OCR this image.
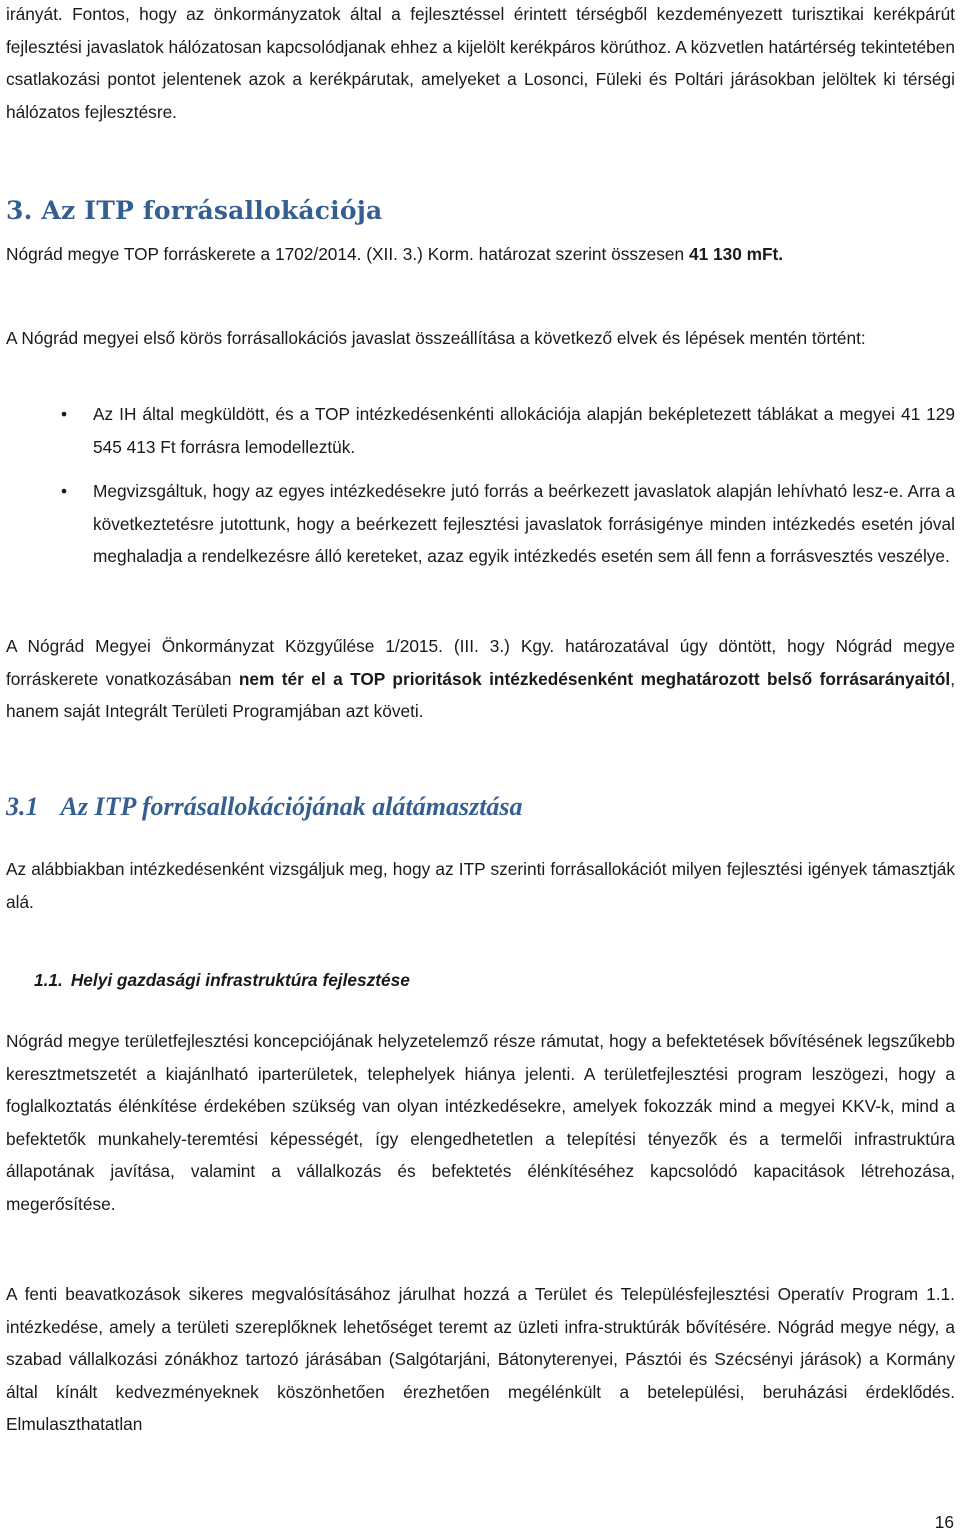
irányát. Fontos, hogy az önkormányzatok által a fejlesztéssel érintett térségből kezdeményezett turisztikai kerékpárút fejlesztési javaslatok hálózatosan kapcsolódjanak ehhez a kijelölt kerékpáros körúthoz. A közvetlen határtérség tekintetében csatlakozási pontot jelentenek azok a kerékpárutak, amelyeket a Losonci, Füleki és Poltári járásokban jelöltek ki térségi hálózatos fejlesztésre.

3. Az ITP forrásallokációja

Nógrád megye TOP forráskerete a 1702/2014. (XII. 3.) Korm. határozat szerint összesen 41 130 mFt.

A Nógrád megyei első körös forrásallokációs javaslat összeállítása a következő elvek és lépések mentén történt:

• Az IH által megküldött, és a TOP intézkedésenkénti allokációja alapján beképletezett táblákat a megyei 41 129 545 413 Ft forrásra lemodelleztük.
• Megvizsgáltuk, hogy az egyes intézkedésekre jutó forrás a beérkezett javaslatok alapján lehívható lesz-e. Arra a következtetésre jutottunk, hogy a beérkezett fejlesztési javaslatok forrásigénye minden intézkedés esetén jóval meghaladja a rendelkezésre álló kereteket, azaz egyik intézkedés esetén sem áll fenn a forrásvesztés veszélye.

A Nógrád Megyei Önkormányzat Közgyűlése 1/2015. (III. 3.) Kgy. határozatával úgy döntött, hogy Nógrád megye forráskerete vonatkozásában nem tér el a TOP prioritások intézkedésenként meghatározott belső forrásarányaitól, hanem saját Integrált Területi Programjában azt követi.

3.1 Az ITP forrásallokációjának alátámasztása

Az alábbiakban intézkedésenként vizsgáljuk meg, hogy az ITP szerinti forrásallokációt milyen fejlesztési igények támasztják alá.

1.1. Helyi gazdasági infrastruktúra fejlesztése

Nógrád megye területfejlesztési koncepciójának helyzetelemző része rámutat, hogy a befektetések bővítésének legszűkebb keresztmetszetét a kiajánlható iparterületek, telephelyek hiánya jelenti. A területfejlesztési program leszögezi, hogy a foglalkoztatás élénkítése érdekében szükség van olyan intézkedésekre, amelyek fokozzák mind a megyei KKV-k, mind a befektetők munkahely-teremtési képességét, így elengedhetetlen a telepítési tényezők és a termelői infrastruktúra állapotának javítása, valamint a vállalkozás és befektetés élénkítéséhez kapcsolódó kapacitások létrehozása, megerősítése.

A fenti beavatkozások sikeres megvalósításához járulhat hozzá a Terület és Településfejlesztési Operatív Program 1.1. intézkedése, amely a területi szereplőknek lehetőséget teremt az üzleti infra-struktúrák bővítésére. Nógrád megye négy, a szabad vállalkozási zónákhoz tartozó járásában (Salgótarjáni, Bátonyterenyei, Pásztói és Szécsényi járások) a Kormány által kínált kedvezményeknek köszönhetően érezhetően megélénkült a betelepülési, beruházási érdeklődés. Elmulaszthatatlan

16
